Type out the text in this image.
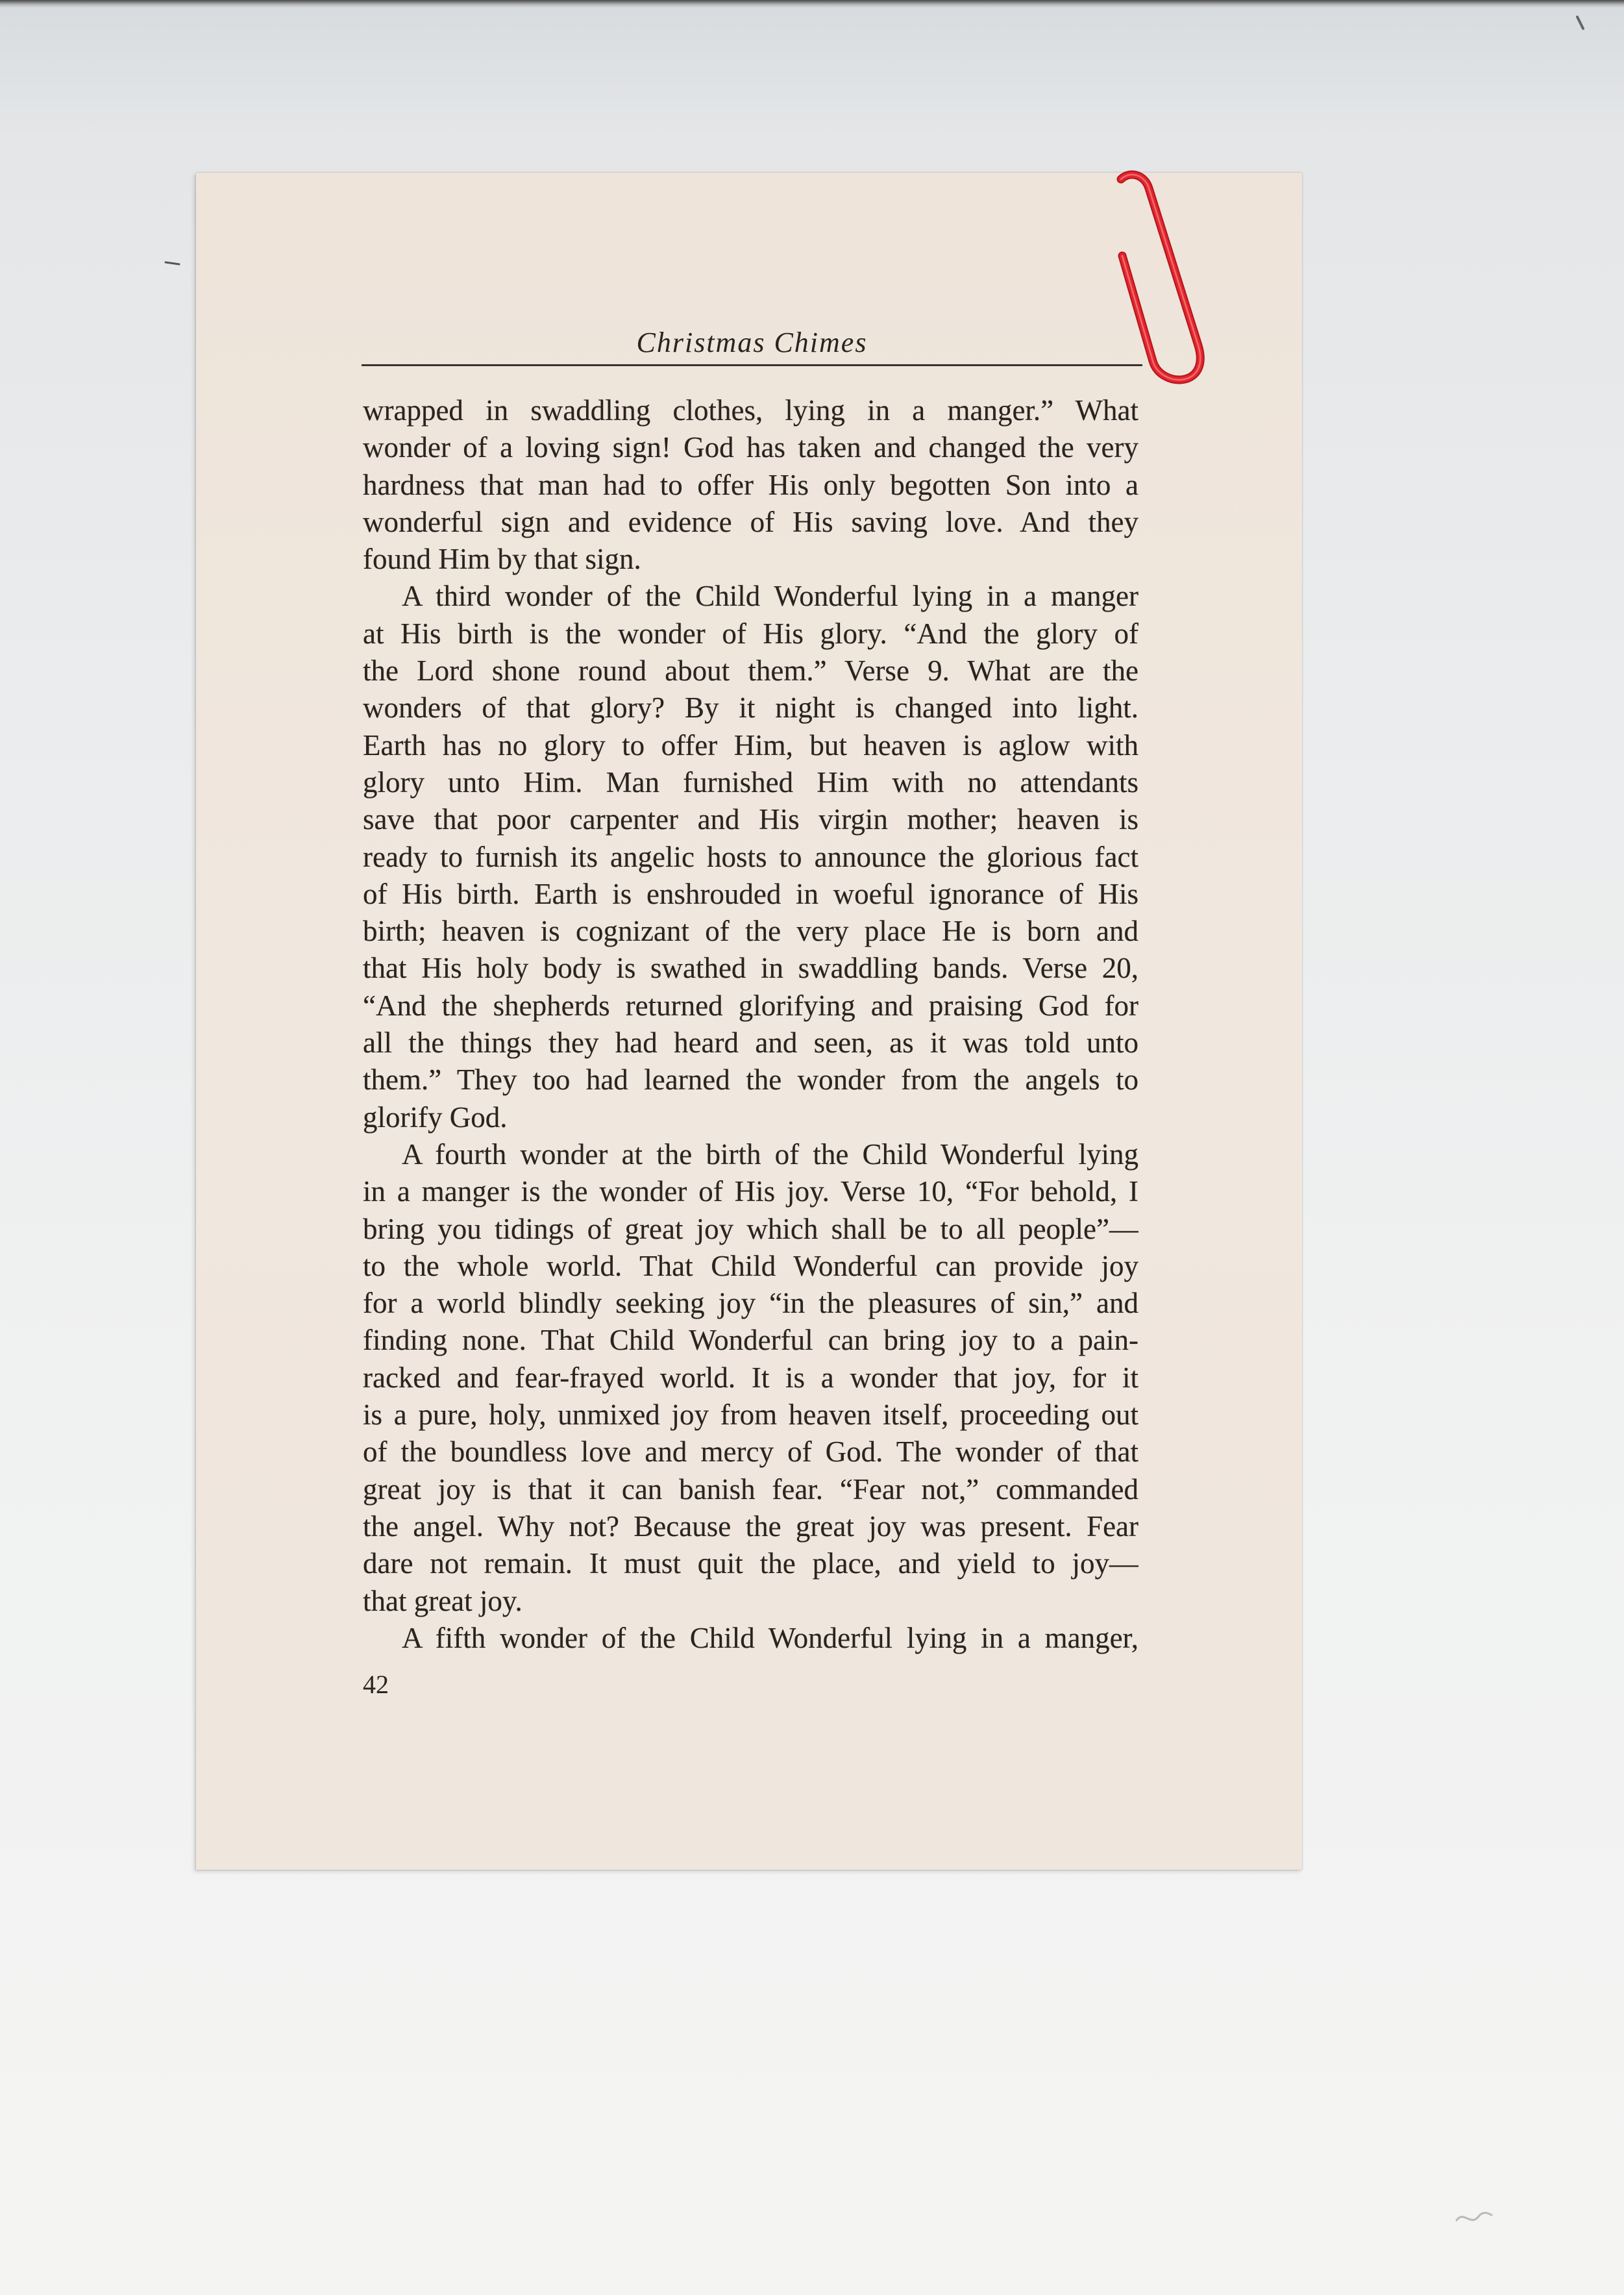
Christmas Chimes
wrapped in swaddling clothes, lying in a manger.” What
wonder of a loving sign! God has taken and changed the very
hardness that man had to offer His only begotten Son into a
wonderful sign and evidence of His saving love. And they
found Him by that sign.
A third wonder of the Child Wonderful lying in a manger
at His birth is the wonder of His glory. “And the glory of
the Lord shone round about them.” Verse 9. What are the
wonders of that glory? By it night is changed into light.
Earth has no glory to offer Him, but heaven is aglow with
glory unto Him. Man furnished Him with no attendants
save that poor carpenter and His virgin mother; heaven is
ready to furnish its angelic hosts to announce the glorious fact
of His birth. Earth is enshrouded in woeful ignorance of His
birth; heaven is cognizant of the very place He is born and
that His holy body is swathed in swaddling bands. Verse 20,
“And the shepherds returned glorifying and praising God for
all the things they had heard and seen, as it was told unto
them.” They too had learned the wonder from the angels to
glorify God.
A fourth wonder at the birth of the Child Wonderful lying
in a manger is the wonder of His joy. Verse 10, “For behold, I
bring you tidings of great joy which shall be to all people”—
to the whole world. That Child Wonderful can provide joy
for a world blindly seeking joy “in the pleasures of sin,” and
finding none. That Child Wonderful can bring joy to a pain-
racked and fear-frayed world. It is a wonder that joy, for it
is a pure, holy, unmixed joy from heaven itself, proceeding out
of the boundless love and mercy of God. The wonder of that
great joy is that it can banish fear. “Fear not,” commanded
the angel. Why not? Because the great joy was present. Fear
dare not remain. It must quit the place, and yield to joy—
that great joy.
A fifth wonder of the Child Wonderful lying in a manger,
42
